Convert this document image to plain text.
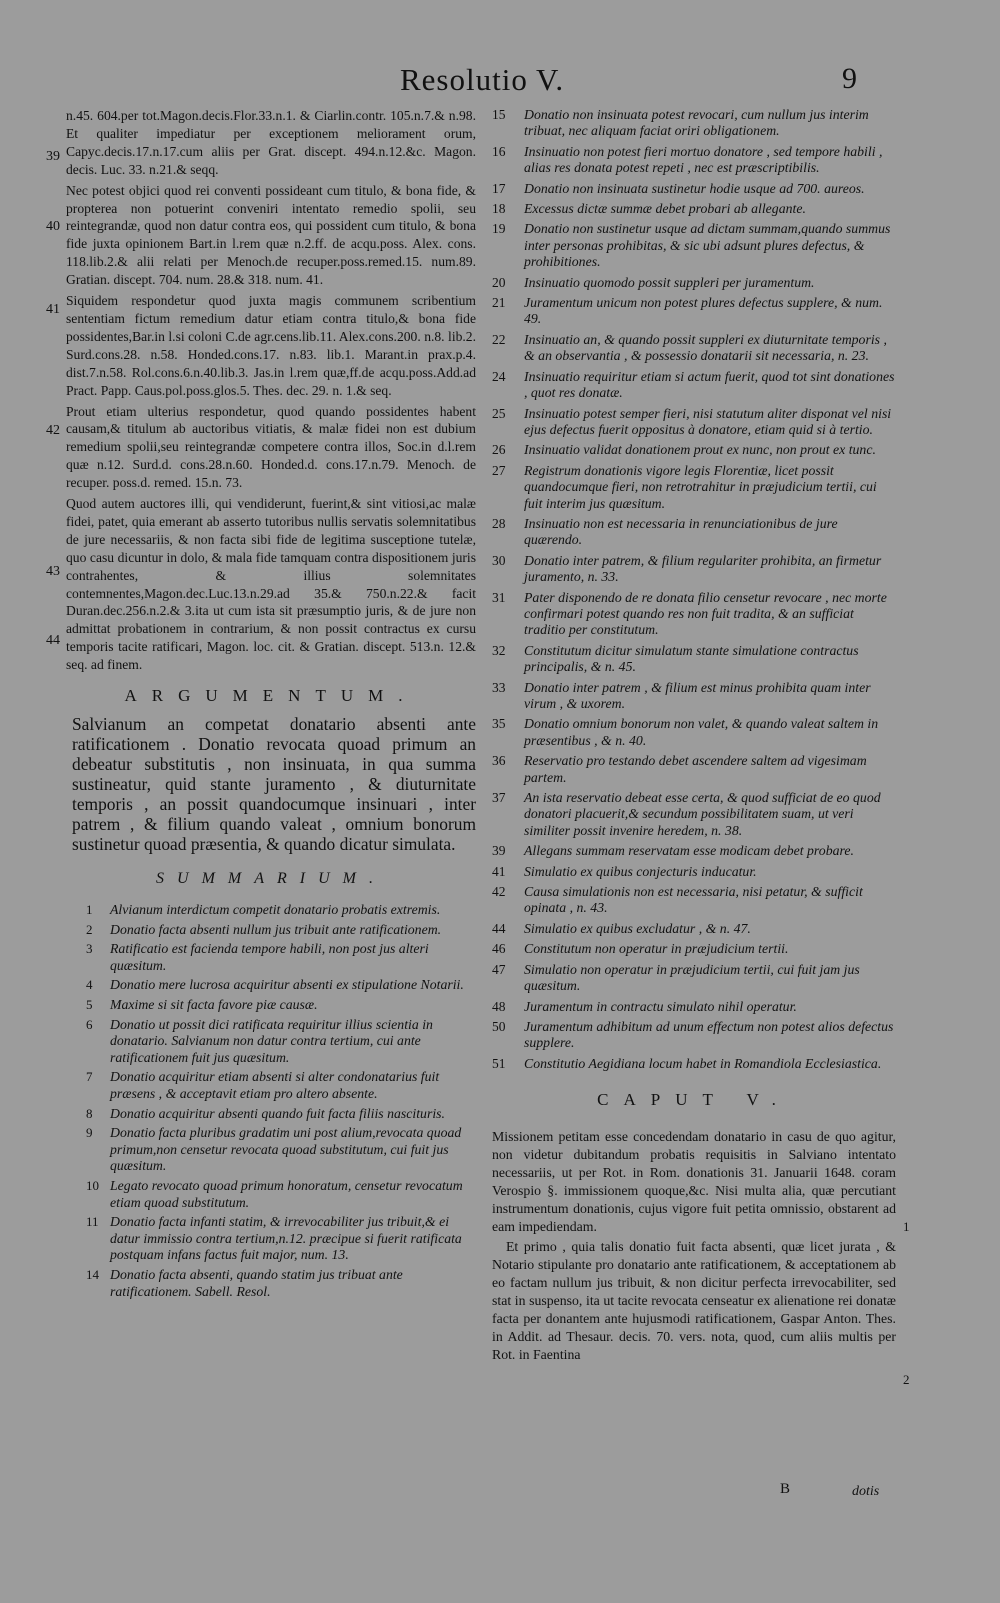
Resolutio V.	9

n.45. 604.per tot.Magon.decis.Flor.33.n.1. & Ciarlin.contr. 105.n.7.& n.98. Et qualiter impediatur per exceptionem meliorament orum, Capyc.decis.17.n.17.cum aliis per Grat. discept. 494.n.12.&c. Magon. decis. Luc. 33. n.21.& seqq.

Nec potest objici quod rei conventi possideant cum titulo, & bona fide, & propterea non potuerint conveniri intentato remedio spolii, seu reintegrandæ, quod non datur contra eos, qui possident cum titulo, & bona fide juxta opinionem Bart.in l.rem quæ n.2.ff. de acqu.poss. Alex. cons. 118.lib.2.& alii relati per Menoch.de recuper.poss.remed.15. num.89. Gratian. discept. 704. num. 28.& 318. num. 41.

Siquidem respondetur quod juxta magis communem scribentium sententiam fictum remedium datur etiam contra titulo,& bona fide possidentes,Bar.in l.si coloni C.de agr.cens.lib.11. Alex.cons.200. n.8. lib.2. Surd.cons.28. n.58. Honded.cons.17. n.83. lib.1. Marant.in prax.p.4. dist.7.n.58. Rol.cons.6.n.40.lib.3. Jas.in l.rem quæ,ff.de acqu.poss.Add.ad Pract. Papp. Caus.pol.poss.glos.5. Thes. dec. 29. n. 1.& seq.

Prout etiam ulterius respondetur, quod quando possidentes habent causam,& titulum ab auctoribus vitiatis, & malæ fidei non est dubium remedium spolii,seu reintegrandæ competere contra illos, Soc.in d.l.rem quæ n.12. Surd.d. cons.28.n.60. Honded.d. cons.17.n.79. Menoch. de recuper. poss.d. remed. 15.n. 73.

Quod autem auctores illi, qui vendiderunt, fuerint,& sint vitiosi,ac malæ fidei, patet, quia emerant ab asserto tutoribus nullis servatis solemnitatibus de jure necessariis, & non facta sibi fide de legitima susceptione tutelæ, quo casu dicuntur in dolo, & mala fide tamquam contra dispositionem juris contrahentes, & illius solemnitates contemnentes,Magon.dec.Luc.13.n.29.ad 35.& 750.n.22.& facit Duran.dec.256.n.2.& 3.ita ut cum ista sit præsumptio juris, & de jure non admittat probationem in contrarium, & non possit contractus ex cursu temporis tacite ratificari, Magon. loc. cit. & Gratian. discept. 513.n. 12.& seq. ad finem.

ARGUMENTUM.

Salvianum an competat donatario absenti ante ratificationem . Donatio revocata quoad primum an debeatur substitutis , non insinuata, in qua summa sustineatur, quid stante juramento , & diuturnitate temporis , an possit quandocumque insinuari , inter patrem , & filium quando valeat , omnium bonorum sustinetur quoad præsentia, & quando dicatur simulata.

SUMMARIUM.
1 Alvianum interdictum competit donatario probatis extremis.
2 Donatio facta absenti nullum jus tribuit ante ratificationem.
3 Ratificatio est facienda tempore habili, non post jus alteri quæsitum.
4 Donatio mere lucrosa acquiritur absenti ex stipulatione Notarii.
5 Maxime si sit facta favore piæ causæ.
6 Donatio ut possit dici ratificata requiritur illius scientia in donatario. Salvianum non datur contra tertium, cui ante ratificationem fuit jus quæsitum.
7 Donatio acquiritur etiam absenti si alter condonatarius fuit præsens , & acceptavit etiam pro altero absente.
8 Donatio acquiritur absenti quando fuit facta filiis nascituris.
9 Donatio facta pluribus gradatim uni post alium,revocata quoad primum,non censetur revocata quoad substitutum, cui fuit jus quæsitum.
10 Legato revocato quoad primum honoratum, censetur revocatum etiam quoad substitutum.
11 Donatio facta infanti statim, & irrevocabiliter jus tribuit,& ei datur immissio contra tertium,n.12. præcipue si fuerit ratificata postquam infans factus fuit major, num. 13.
14 Donatio facta absenti, quando statim jus tribuat ante ratificationem. Sabell. Resol.
39
40
41
42
43
44
15 Donatio non insinuata potest revocari, cum nullum jus interim tribuat, nec aliquam faciat oriri obligationem.
16 Insinuatio non potest fieri mortuo donatore , sed tempore habili , alias res donata potest repeti , nec est præscriptibilis.
17 Donatio non insinuata sustinetur hodie usque ad 700. aureos.
18 Excessus dictæ summæ debet probari ab allegante.
19 Donatio non sustinetur usque ad dictam summam,quando summus inter personas prohibitas, & sic ubi adsunt plures defectus, & prohibitiones.
20 Insinuatio quomodo possit suppleri per juramentum.
21 Juramentum unicum non potest plures defectus supplere, & num. 49.
22 Insinuatio an, & quando possit suppleri ex diuturnitate temporis , & an observantia , & possessio donatarii sit necessaria, n. 23.
24 Insinuatio requiritur etiam si actum fuerit, quod tot sint donationes , quot res donatæ.
25 Insinuatio potest semper fieri, nisi statutum aliter disponat vel nisi ejus defectus fuerit oppositus à donatore, etiam quid si à tertio.
26 Insinuatio validat donationem prout ex nunc, non prout ex tunc.
27 Registrum donationis vigore legis Florentiæ, licet possit quandocumque fieri, non retrotrahitur in præjudicium tertii, cui fuit interim jus quæsitum.
28 Insinuatio non est necessaria in renunciationibus de jure quærendo.
30 Donatio inter patrem, & filium regulariter prohibita, an firmetur juramento, n. 33.
31 Pater disponendo de re donata filio censetur revocare , nec morte confirmari potest quando res non fuit tradita, & an sufficiat traditio per constitutum.
32 Constitutum dicitur simulatum stante simulatione contractus principalis, & n. 45.
33 Donatio inter patrem , & filium est minus prohibita quam inter virum , & uxorem.
35 Donatio omnium bonorum non valet, & quando valeat saltem in præsentibus , & n. 40.
36 Reservatio pro testando debet ascendere saltem ad vigesimam partem.
37 An ista reservatio debeat esse certa, & quod sufficiat de eo quod donatori placuerit,& secundum possibilitatem suam, ut veri similiter possit invenire heredem, n. 38.
39 Allegans summam reservatam esse modicam debet probare.
41 Simulatio ex quibus conjecturis inducatur.
42 Causa simulationis non est necessaria, nisi petatur, & sufficit opinata , n. 43.
44 Simulatio ex quibus excludatur , & n. 47.
46 Constitutum non operatur in præjudicium tertii.
47 Simulatio non operatur in præjudicium tertii, cui fuit jam jus quæsitum.
48 Juramentum in contractu simulato nihil operatur.
50 Juramentum adhibitum ad unum effectum non potest alios defectus supplere.
51 Constitutio Aegidiana locum habet in Romandiola Ecclesiastica.
CAPUT V.

Missionem petitam esse concedendam donatario in casu de quo agitur, non videtur dubitandum probatis requisitis in Salviano intentato necessariis, ut per Rot. in Rom. donationis 31. Januarii 1648. coram Verospio §. immissionem quoque,&c. Nisi multa alia, quæ percutiant instrumentum donationis, cujus vigore fuit petita omnissio, obstarent ad eam impediendam.

Et primo , quia talis donatio fuit facta absenti, quæ licet jurata , & Notario stipulante pro donatario ante ratificationem, & acceptationem ab eo factam nullum jus tribuit, & non dicitur perfecta irrevocabiliter, sed stat in suspenso, ita ut tacite revocata censeatur ex alienatione rei donatæ facta per donantem ante hujusmodi ratificationem, Gaspar Anton. Thes. in Addit. ad Thesaur. decis. 70. vers. nota, quod, cum aliis multis per Rot. in Faentina

1
2
B	dotis
